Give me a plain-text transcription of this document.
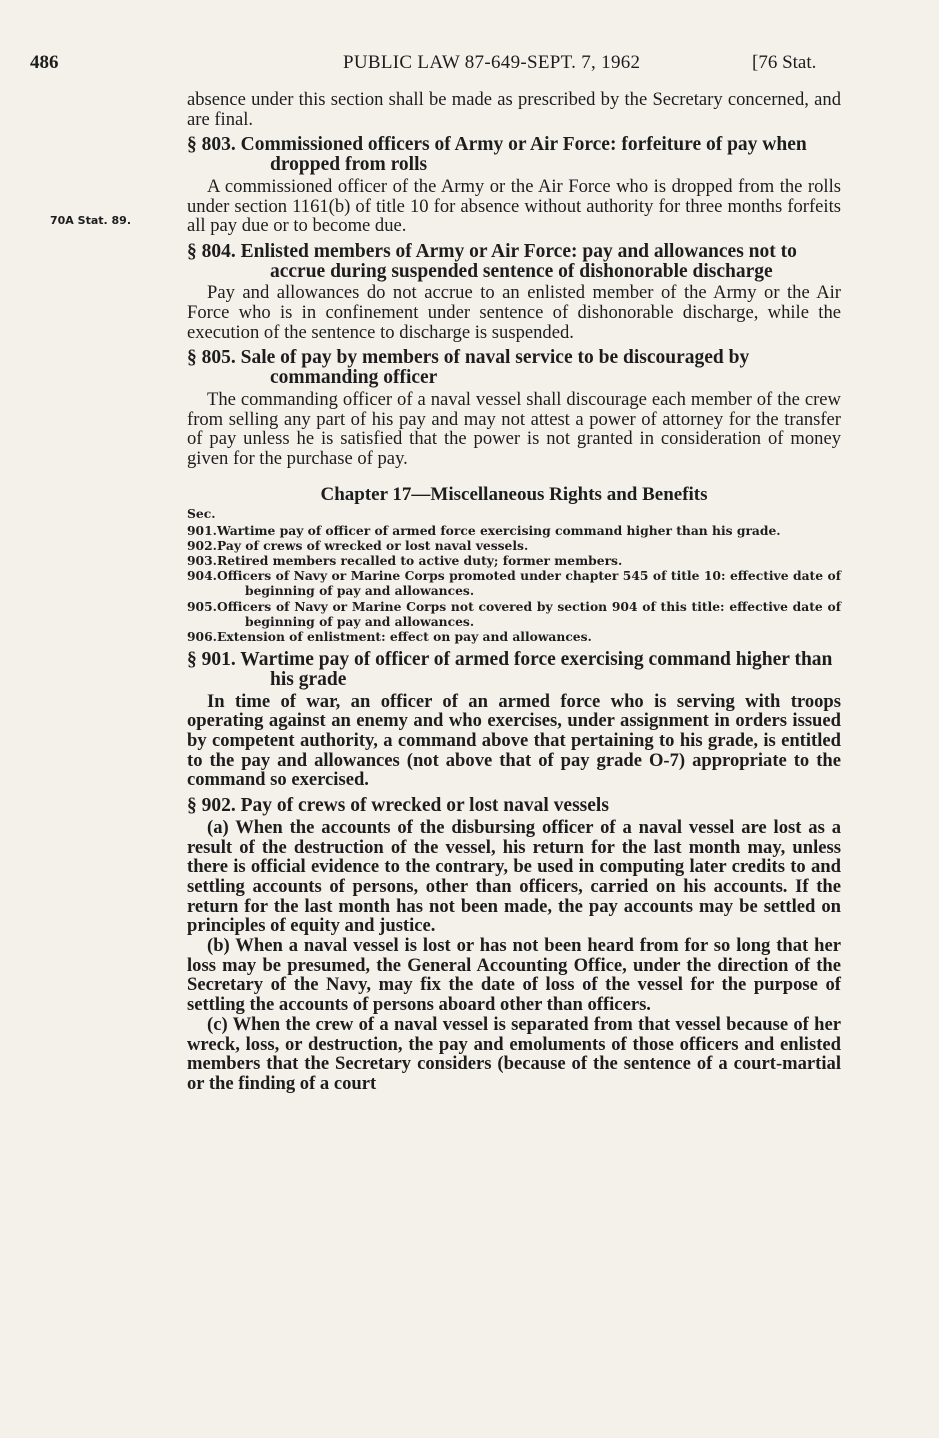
486	PUBLIC LAW 87-649-SEPT. 7, 1962	[76 Stat.
70A Stat. 89.

absence under this section shall be made as prescribed by the Secretary concerned, and are final.

§ 803. Commissioned officers of Army or Air Force: forfeiture of pay when dropped from rolls

A commissioned officer of the Army or the Air Force who is dropped from the rolls under section 1161(b) of title 10 for absence without authority for three months forfeits all pay due or to become due.

§ 804. Enlisted members of Army or Air Force: pay and allowances not to accrue during suspended sentence of dishonorable discharge

Pay and allowances do not accrue to an enlisted member of the Army or the Air Force who is in confinement under sentence of dishonorable discharge, while the execution of the sentence to discharge is suspended.

§ 805. Sale of pay by members of naval service to be discouraged by commanding officer

The commanding officer of a naval vessel shall discourage each member of the crew from selling any part of his pay and may not attest a power of attorney for the transfer of pay unless he is satisfied that the power is not granted in consideration of money given for the purchase of pay.

Chapter 17—Miscellaneous Rights and Benefits
Sec.
901.Wartime pay of officer of armed force exercising command higher than his grade.
902.Pay of crews of wrecked or lost naval vessels.
903.Retired members recalled to active duty; former members.
904.Officers of Navy or Marine Corps promoted under chapter 545 of title 10: effective date of beginning of pay and allowances.
905.Officers of Navy or Marine Corps not covered by section 904 of this title: effective date of beginning of pay and allowances.
906.Extension of enlistment: effect on pay and allowances.
§ 901. Wartime pay of officer of armed force exercising command higher than his grade

In time of war, an officer of an armed force who is serving with troops operating against an enemy and who exercises, under assignment in orders issued by competent authority, a command above that pertaining to his grade, is entitled to the pay and allowances (not above that of pay grade O-7) appropriate to the command so exercised.

§ 902. Pay of crews of wrecked or lost naval vessels

(a) When the accounts of the disbursing officer of a naval vessel are lost as a result of the destruction of the vessel, his return for the last month may, unless there is official evidence to the contrary, be used in computing later credits to and settling accounts of persons, other than officers, carried on his accounts. If the return for the last month has not been made, the pay accounts may be settled on principles of equity and justice.

(b) When a naval vessel is lost or has not been heard from for so long that her loss may be presumed, the General Accounting Office, under the direction of the Secretary of the Navy, may fix the date of loss of the vessel for the purpose of settling the accounts of persons aboard other than officers.

(c) When the crew of a naval vessel is separated from that vessel because of her wreck, loss, or destruction, the pay and emoluments of those officers and enlisted members that the Secretary considers (because of the sentence of a court-martial or the finding of a court
